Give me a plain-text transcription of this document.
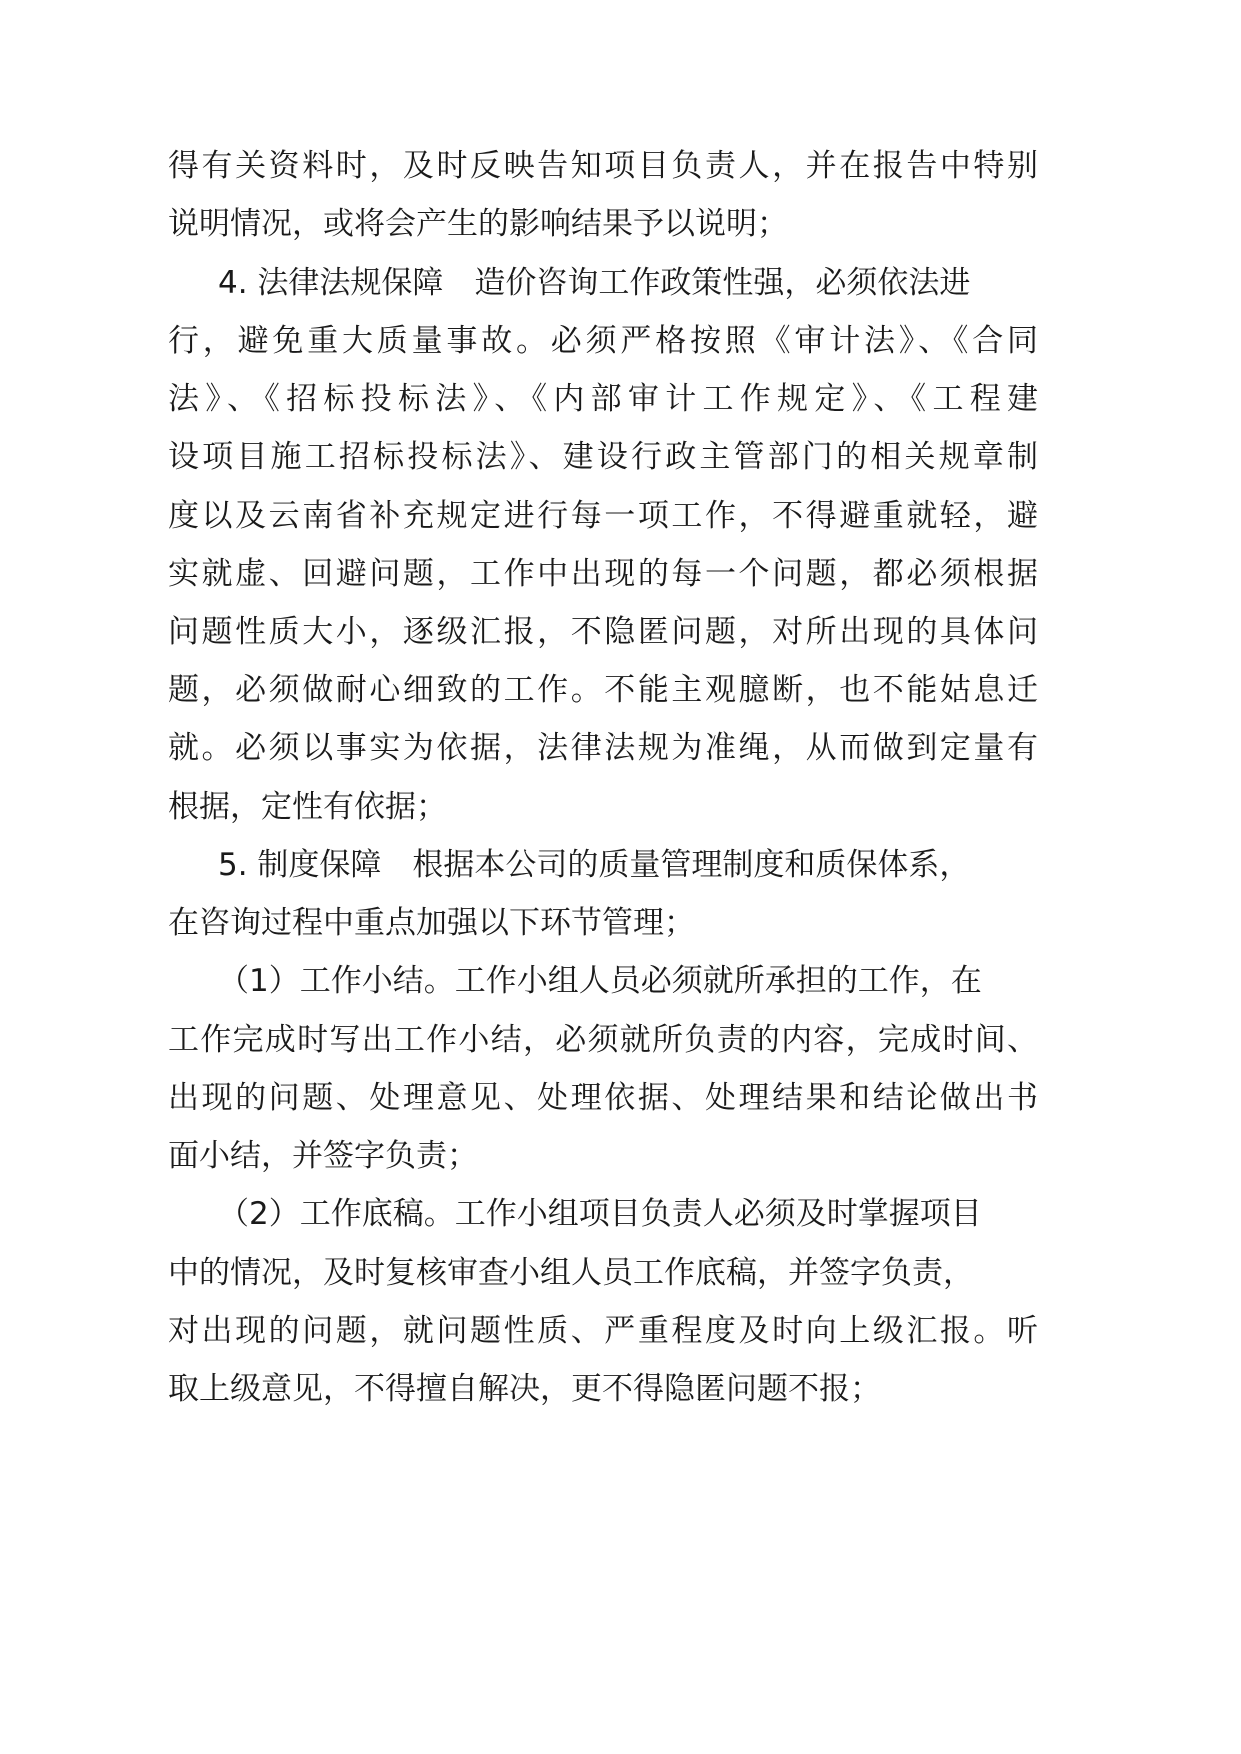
得有关资料时，及时反映告知项目负责人，并在报告中特别
说明情况，或将会产生的影响结果予以说明；
4. 法律法规保障　造价咨询工作政策性强，必须依法进
行，避免重大质量事故。必须严格按照《审计法》、《合同
法》、《招标投标法》、《内部审计工作规定》、《工程建
设项目施工招标投标法》、建设行政主管部门的相关规章制
度以及云南省补充规定进行每一项工作，不得避重就轻，避
实就虚、回避问题，工作中出现的每一个问题，都必须根据
问题性质大小，逐级汇报，不隐匿问题，对所出现的具体问
题，必须做耐心细致的工作。不能主观臆断，也不能姑息迁
就。必须以事实为依据，法律法规为准绳，从而做到定量有
根据，定性有依据；
5. 制度保障　根据本公司的质量管理制度和质保体系，
在咨询过程中重点加强以下环节管理；
（1）工作小结。工作小组人员必须就所承担的工作，在
工作完成时写出工作小结，必须就所负责的内容，完成时间、
出现的问题、处理意见、处理依据、处理结果和结论做出书
面小结，并签字负责；
（2）工作底稿。工作小组项目负责人必须及时掌握项目
中的情况，及时复核审查小组人员工作底稿，并签字负责，
对出现的问题，就问题性质、严重程度及时向上级汇报。听
取上级意见，不得擅自解决，更不得隐匿问题不报；
